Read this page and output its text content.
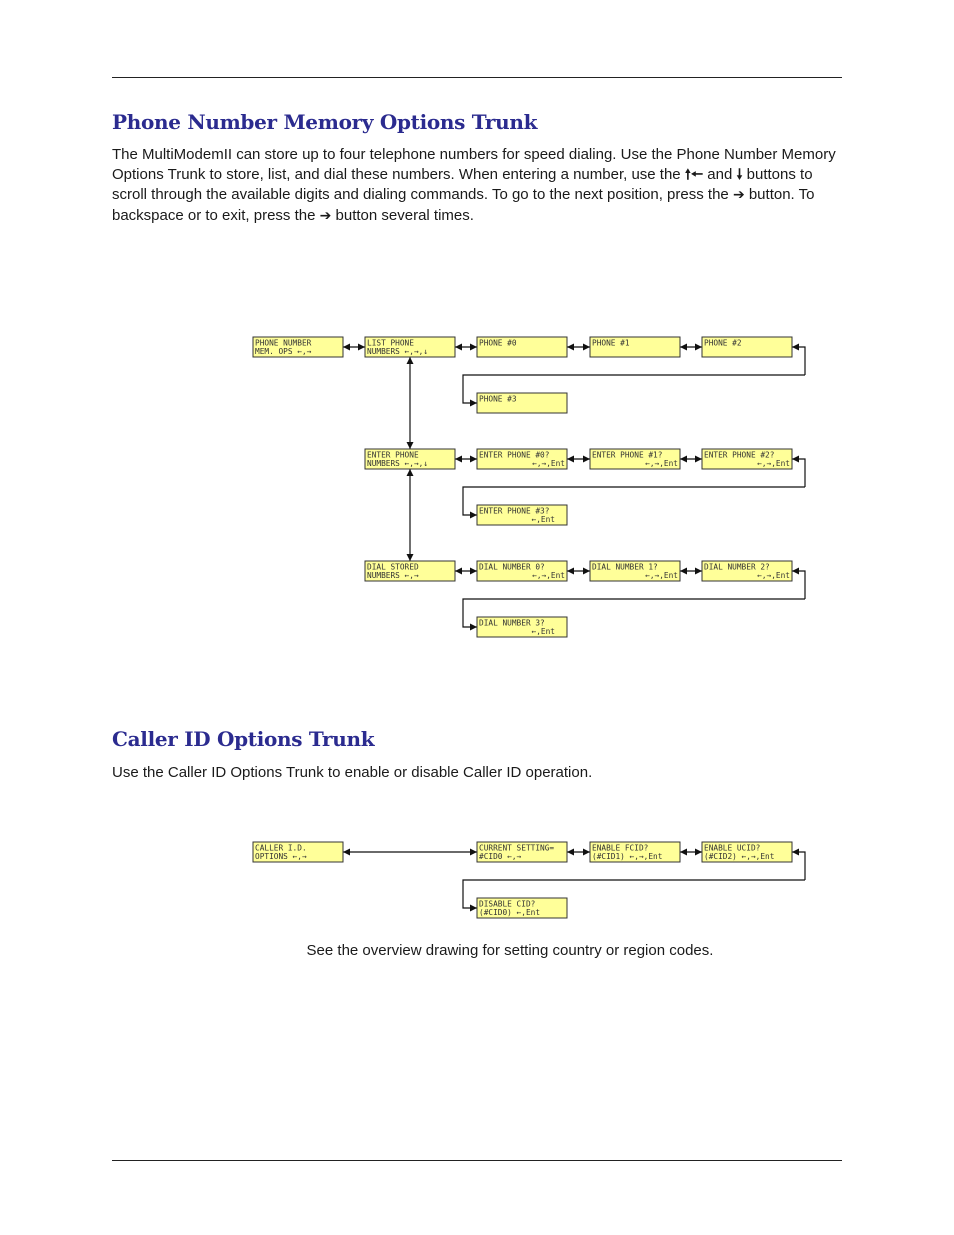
Phone Number Memory Options Trunk

The MultiModemII can store up to four telephone numbers for speed dialing. Use the Phone Number Memory Options Trunk to store, list, and dial these numbers. When entering a number, use the 🠕🠔 and 🠗 buttons to scroll through the available digits and dialing commands. To go to the next position, press the ➔ button. To backspace or to exit, press the ➔ button several times.

PHONE NUMBER
MEM. OPS ←,→
LIST PHONE
NUMBERS ←,→,↓
PHONE #0	PHONE #1	PHONE #2
PHONE #3
ENTER PHONE
NUMBERS ←,→,↓
ENTER PHONE #0?
←,→,Ent
ENTER PHONE #1?
←,→,Ent
ENTER PHONE #2?
←,→,Ent
ENTER PHONE #3?
←,Ent
DIAL STORED
NUMBERS ←,→
DIAL NUMBER 0?
←,→,Ent
DIAL NUMBER 1?
←,→,Ent
DIAL NUMBER 2?
←,→,Ent
DIAL NUMBER 3?
←,Ent
Caller ID Options Trunk

Use the Caller ID Options Trunk to enable or disable Caller ID operation.

CALLER I.D.
OPTIONS ←,→
CURRENT SETTING=
#CID0 ←,→
ENABLE FCID?
(#CID1) ←,→,Ent
ENABLE UCID?
(#CID2) ←,→,Ent
DISABLE CID?
(#CID0) ←,Ent

See the overview drawing for setting country or region codes.
